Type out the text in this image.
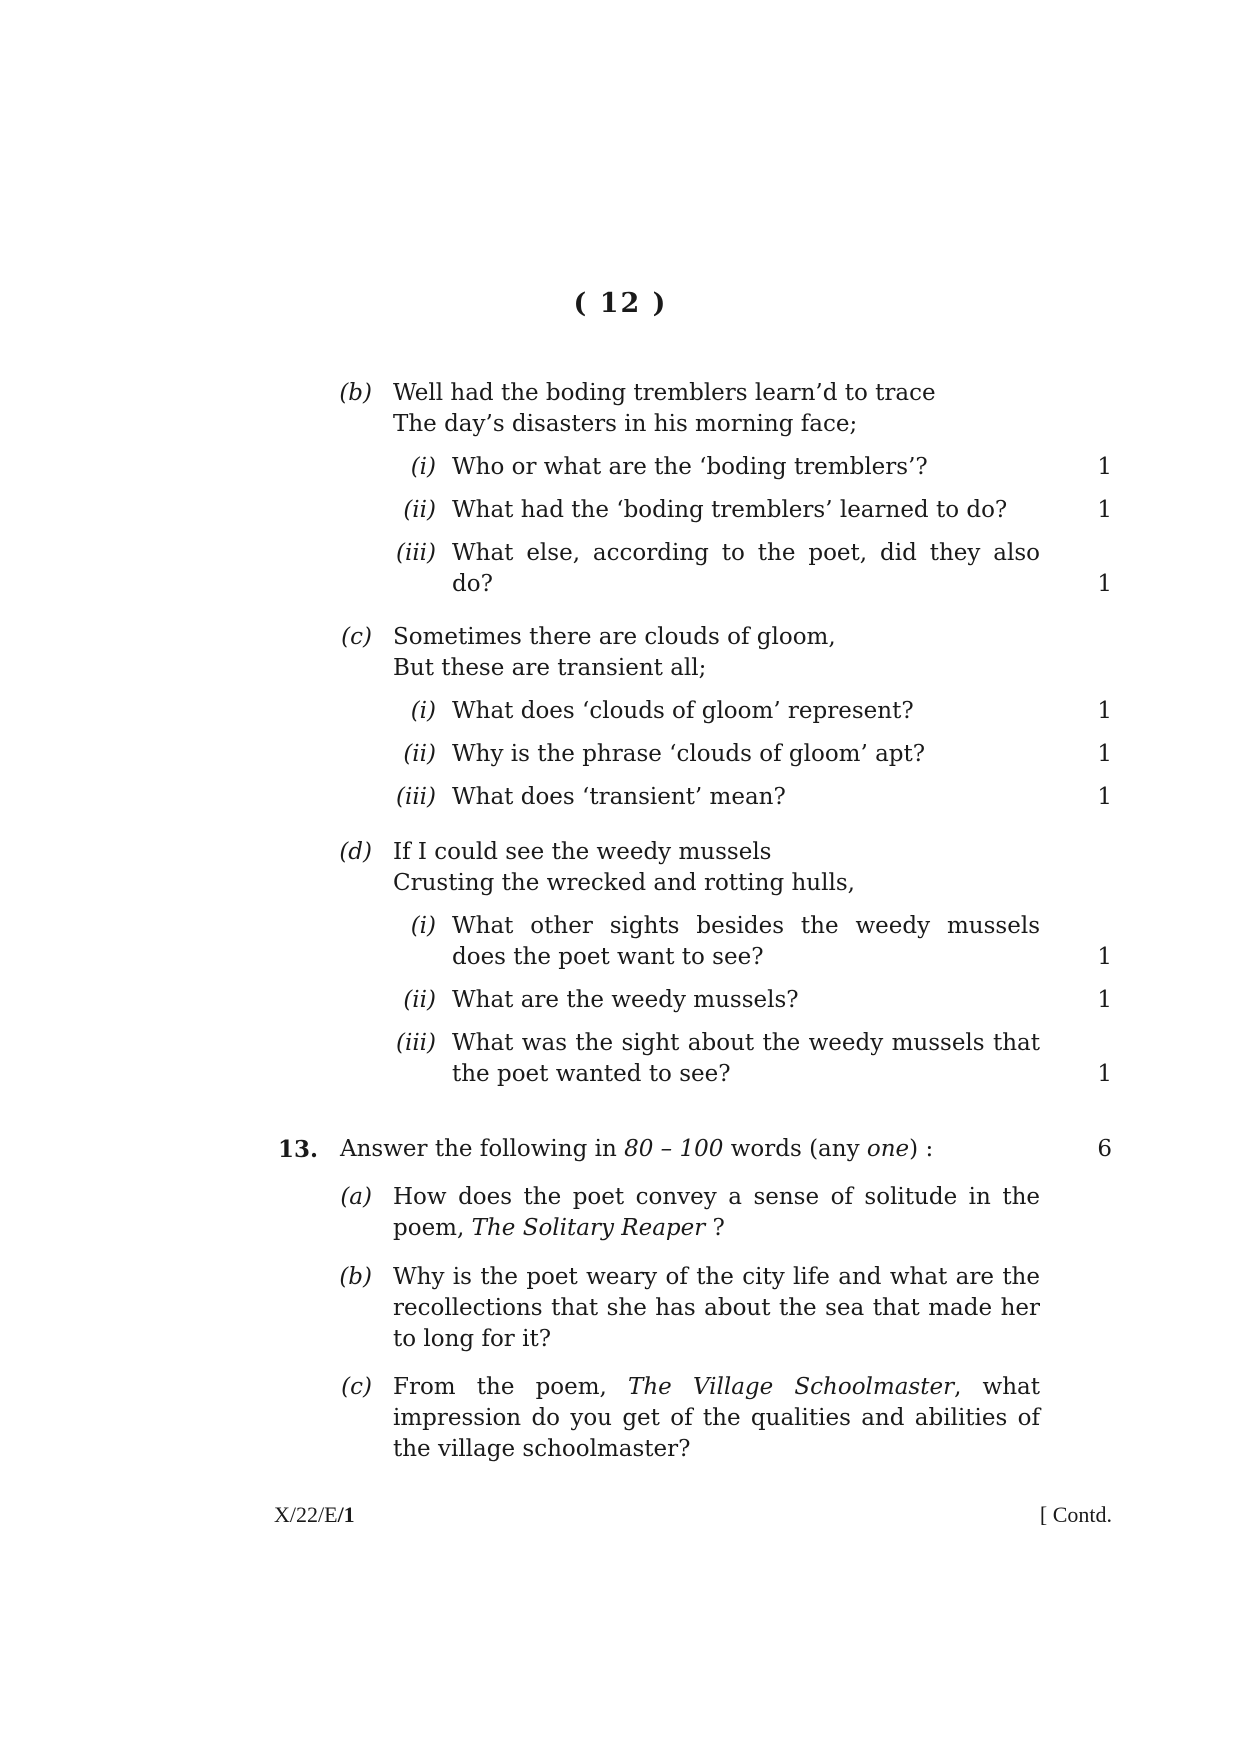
( 12 )
(b) Well had the boding tremblers learn’d to trace
The day’s disasters in his morning face;
(i) Who or what are the ‘boding tremblers’?	1
(ii) What had the ‘boding tremblers’ learned to do?	1
(iii) What else, according to the poet, did they also do?	1
(c) Sometimes there are clouds of gloom,
But these are transient all;
(i) What does ‘clouds of gloom’ represent?	1
(ii) Why is the phrase ‘clouds of gloom’ apt?	1
(iii) What does ‘transient’ mean?	1
(d) If I could see the weedy mussels
Crusting the wrecked and rotting hulls,
(i) What other sights besides the weedy mussels does the poet want to see?	1
(ii) What are the weedy mussels?	1
(iii) What was the sight about the weedy mussels that the poet wanted to see?	1
13. Answer the following in 80 – 100 words (any one) :	6
(a) How does the poet convey a sense of solitude in the poem, The Solitary Reaper ?
(b) Why is the poet weary of the city life and what are the recollections that she has about the sea that made her to long for it?
(c) From the poem, The Village Schoolmaster, what impression do you get of the qualities and abilities of the village schoolmaster?
X/22/E/1	[ Contd.
